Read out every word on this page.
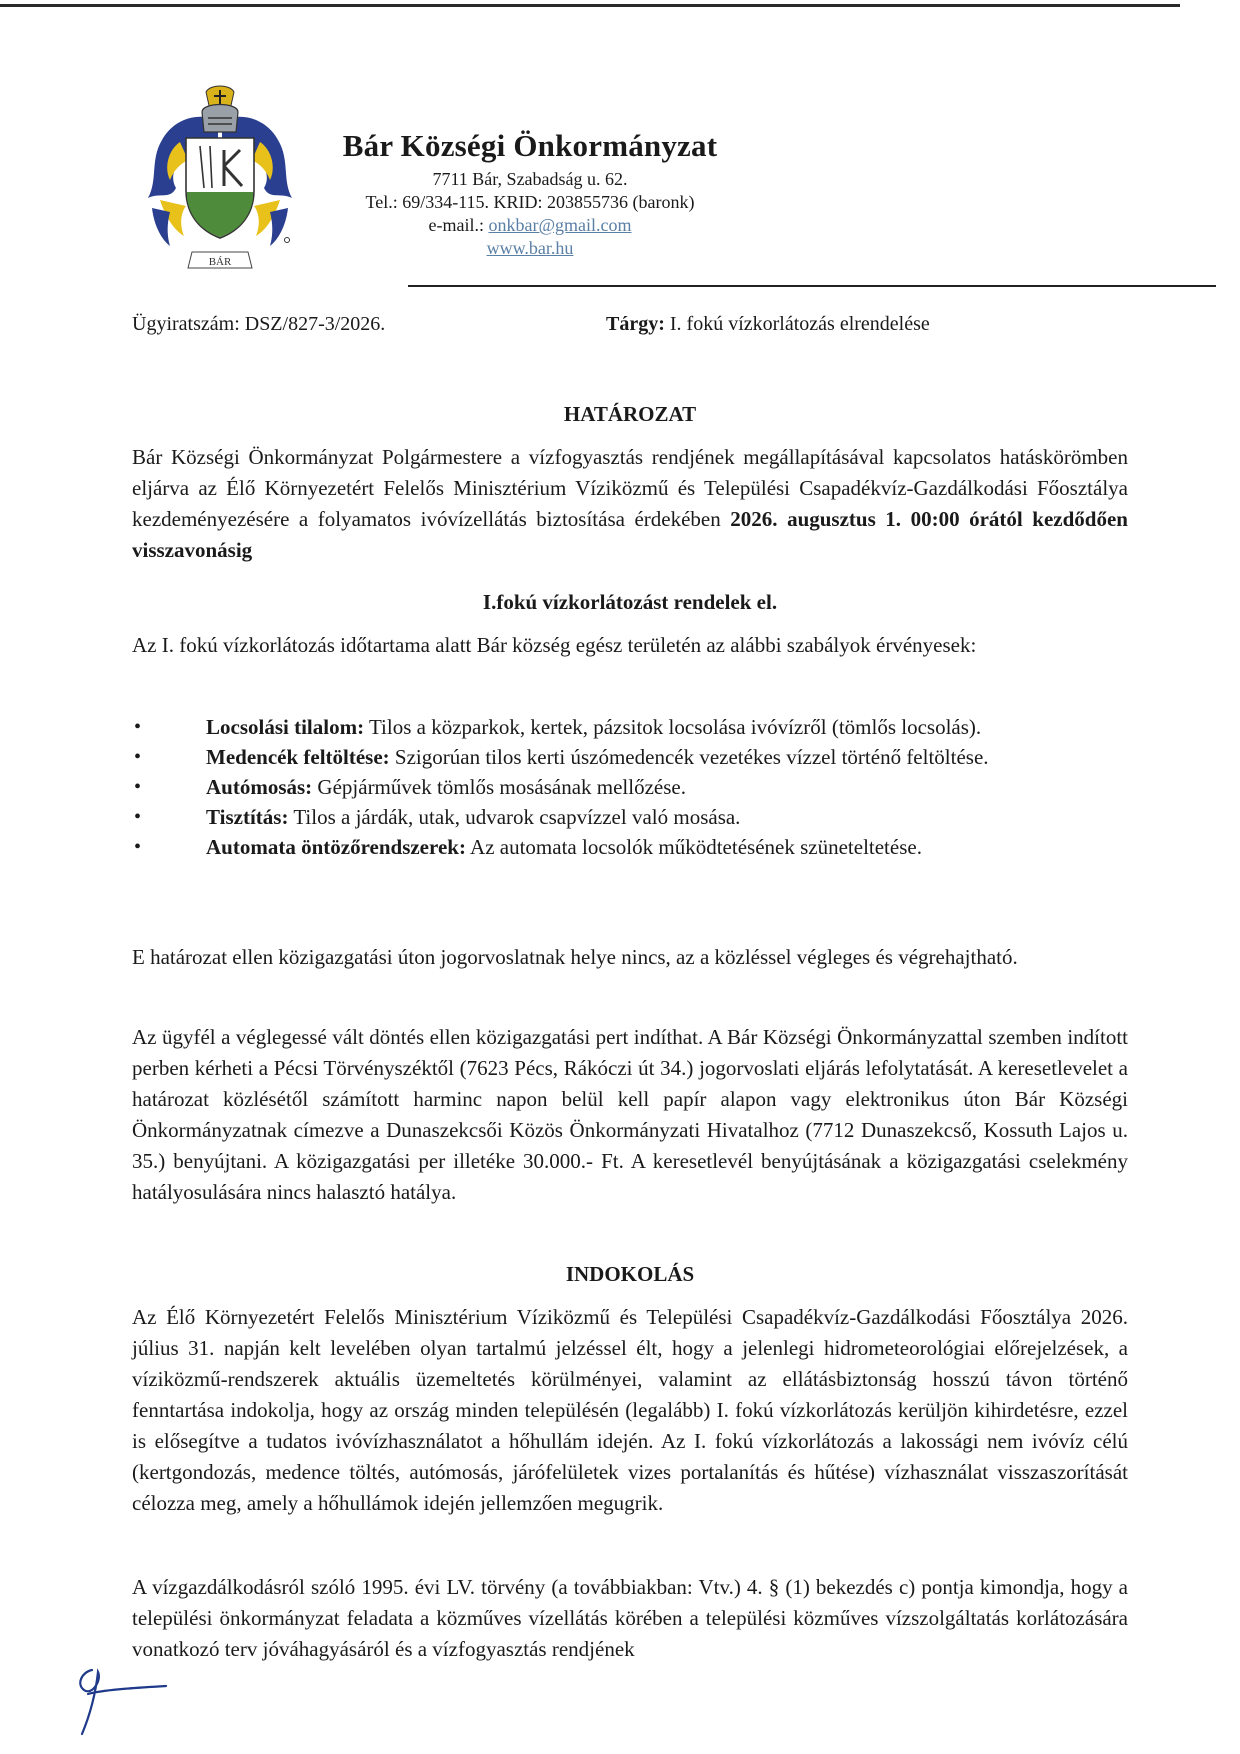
BÁR

Bár Községi Önkormányzat

7711 Bár, Szabadság u. 62.

Tel.: 69/334-115. KRID: 203855736 (baronk)

e-mail.: onkbar@gmail.com

www.bar.hu

Ügyiratszám: DSZ/827-3/2026.	Tárgy: I. fokú vízkorlátozás elrendelése

HATÁROZAT

Bár Községi Önkormányzat Polgármestere a vízfogyasztás rendjének megállapításával kapcsolatos hatáskörömben eljárva az Élő Környezetért Felelős Minisztérium Víziközmű és Települési Csapadékvíz-Gazdálkodási Főosztálya kezdeményezésére a folyamatos ivóvízellátás biztosítása érdekében 2026. augusztus 1. 00:00 órától kezdődően visszavonásig

I.fokú vízkorlátozást rendelek el.

Az I. fokú vízkorlátozás időtartama alatt Bár község egész területén az alábbi szabályok érvényesek:

•	Locsolási tilalom: Tilos a közparkok, kertek, pázsitok locsolása ivóvízről (tömlős locsolás).
•	Medencék feltöltése: Szigorúan tilos kerti úszómedencék vezetékes vízzel történő feltöltése.
•	Autómosás: Gépjárművek tömlős mosásának mellőzése.
•	Tisztítás: Tilos a járdák, utak, udvarok csapvízzel való mosása.
•	Automata öntözőrendszerek: Az automata locsolók működtetésének szüneteltetése.

E határozat ellen közigazgatási úton jogorvoslatnak helye nincs, az a közléssel végleges és végrehajtható.

Az ügyfél a véglegessé vált döntés ellen közigazgatási pert indíthat. A Bár Községi Önkormányzattal szemben indított perben kérheti a Pécsi Törvényszéktől (7623 Pécs, Rákóczi út 34.) jogorvoslati eljárás lefolytatását. A keresetlevelet a határozat közlésétől számított harminc napon belül kell papír alapon vagy elektronikus úton Bár Községi Önkormányzatnak címezve a Dunaszekcsői Közös Önkormányzati Hivatalhoz (7712 Dunaszekcső, Kossuth Lajos u. 35.) benyújtani. A közigazgatási per illetéke 30.000.- Ft. A keresetlevél benyújtásának a közigazgatási cselekmény hatályosulására nincs halasztó hatálya.

INDOKOLÁS

Az Élő Környezetért Felelős Minisztérium Víziközmű és Települési Csapadékvíz-Gazdálkodási Főosztálya 2026. július 31. napján kelt levelében olyan tartalmú jelzéssel élt, hogy a jelenlegi hidrometeorológiai előrejelzések, a víziközmű-rendszerek aktuális üzemeltetés körülményei, valamint az ellátásbiztonság hosszú távon történő fenntartása indokolja, hogy az ország minden településén (legalább) I. fokú vízkorlátozás kerüljön kihirdetésre, ezzel is elősegítve a tudatos ivóvízhasználatot a hőhullám idején. Az I. fokú vízkorlátozás a lakossági nem ivóvíz célú (kertgondozás, medence töltés, autómosás, járófelületek vizes portalanítás és hűtése) vízhasználat visszaszorítását célozza meg, amely a hőhullámok idején jellemzően megugrik.

A vízgazdálkodásról szóló 1995. évi LV. törvény (a továbbiakban: Vtv.) 4. § (1) bekezdés c) pontja kimondja, hogy a települési önkormányzat feladata a közműves vízellátás körében a települési közműves vízszolgáltatás korlátozására vonatkozó terv jóváhagyásáról és a vízfogyasztás rendjének
